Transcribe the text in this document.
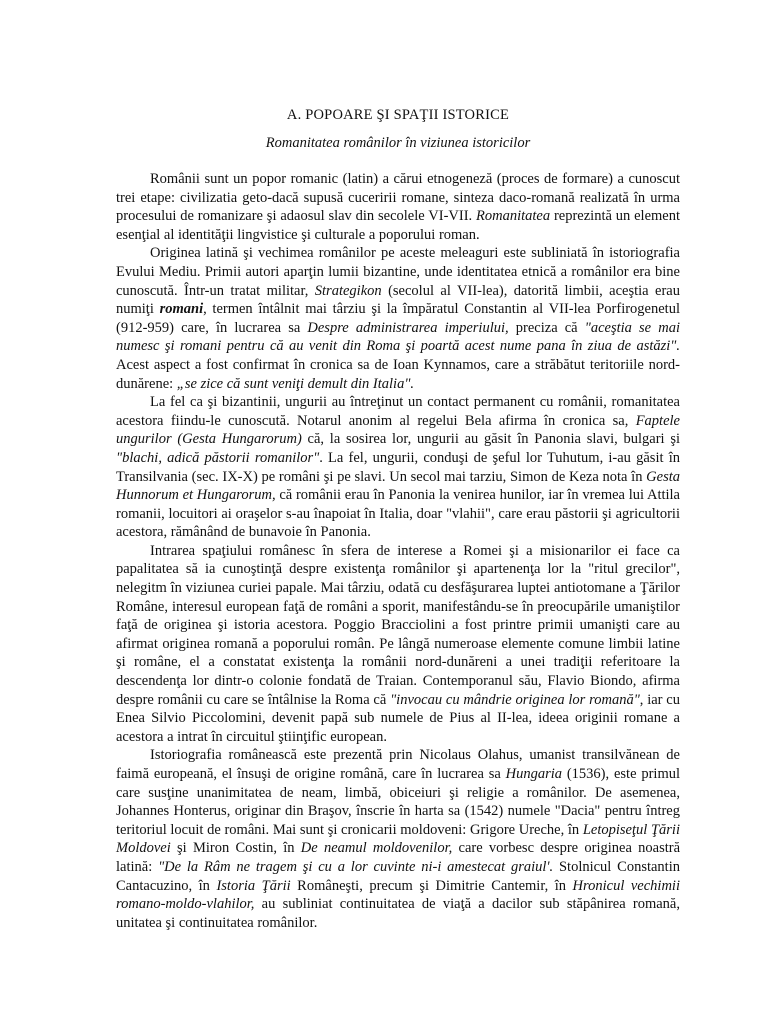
A. POPOARE ŞI SPAŢII ISTORICE
Romanitatea românilor în viziunea istoricilor

Românii sunt un popor romanic (latin) a cărui etnogeneză (proces de formare) a cunoscut trei etape: civilizatia geto-dacă supusă cuceririi romane, sinteza daco-romană realizată în urma procesului de romanizare şi adaosul slav din secolele VI-VII. Romanitatea reprezintă un element esenţial al identităţii lingvistice şi culturale a poporului roman.

Originea latină şi vechimea românilor pe aceste meleaguri este subliniată în istoriografia Evului Mediu. Primii autori aparţin lumii bizantine, unde identitatea etnică a românilor era bine cunoscută. Într-un tratat militar, Strategikon (secolul al VII-lea), datorită limbii, aceştia erau numiţi romani, termen întâlnit mai târziu şi la împăratul Constantin al VII-lea Porfirogenetul (912-959) care, în lucrarea sa Despre administrarea imperiului, preciza că "aceştia se mai numesc şi romani pentru că au venit din Roma şi poartă acest nume pana în ziua de astăzi". Acest aspect a fost confirmat în cronica sa de Ioan Kynnamos, care a străbătut teritoriile nord-dunărene: „se zice că sunt veniţi demult din Italia".

La fel ca şi bizantinii, ungurii au întreţinut un contact permanent cu românii, romanitatea acestora fiindu-le cunoscută. Notarul anonim al regelui Bela afirma în cronica sa, Faptele ungurilor (Gesta Hungarorum) că, la sosirea lor, ungurii au găsit în Panonia slavi, bulgari şi "blachi, adică păstorii romanilor". La fel, ungurii, conduşi de şeful lor Tuhutum, i-au găsit în Transilvania (sec. IX-X) pe români şi pe slavi. Un secol mai tarziu, Simon de Keza nota în Gesta Hunnorum et Hungarorum, că românii erau în Panonia la venirea hunilor, iar în vremea lui Attila romanii, locuitori ai oraşelor s-au înapoiat în Italia, doar "vlahii", care erau păstorii şi agricultorii acestora, rămânând de bunavoie în Panonia.

Intrarea spaţiului românesc în sfera de interese a Romei şi a misionarilor ei face ca papalitatea să ia cunoştinţă despre existenţa românilor şi apartenenţa lor la "ritul grecilor", nelegitm în viziunea curiei papale. Mai târziu, odată cu desfăşurarea luptei antiotomane a Ţărilor Române, interesul european faţă de români a sporit, manifestându-se în preocupările umaniştilor faţă de originea şi istoria acestora. Poggio Bracciolini a fost printre primii umanişti care au afirmat originea romană a poporului român. Pe lângă numeroase elemente comune limbii latine şi române, el a constatat existenţa la românii nord-dunăreni a unei tradiţii referitoare la descendenţa lor dintr-o colonie fondată de Traian. Contemporanul său, Flavio Biondo, afirma despre românii cu care se întâlnise la Roma că "invocau cu mândrie originea lor romană", iar cu Enea Silvio Piccolomini, devenit papă sub numele de Pius al II-lea, ideea originii romane a acestora a intrat în circuitul ştiinţific european.

Istoriografia românească este prezentă prin Nicolaus Olahus, umanist transilvănean de faimă europeană, el însuşi de origine română, care în lucrarea sa Hungaria (1536), este primul care susţine unanimitatea de neam, limbă, obiceiuri şi religie a românilor. De asemenea, Johannes Honterus, originar din Braşov, înscrie în harta sa (1542) numele "Dacia" pentru întreg teritoriul locuit de români. Mai sunt şi cronicarii moldoveni: Grigore Ureche, în Letopiseţul Ţării Moldovei şi Miron Costin, în De neamul moldovenilor, care vorbesc despre originea noastră latină: "De la Râm ne tragem şi cu a lor cuvinte ni-i amestecat graiul'. Stolnicul Constantin Cantacuzino, în Istoria Ţării Româneşti, precum şi Dimitrie Cantemir, în Hronicul vechimii romano-moldo-vlahilor, au subliniat continuitatea de viaţă a dacilor sub stăpânirea romană, unitatea şi continuitatea românilor.
